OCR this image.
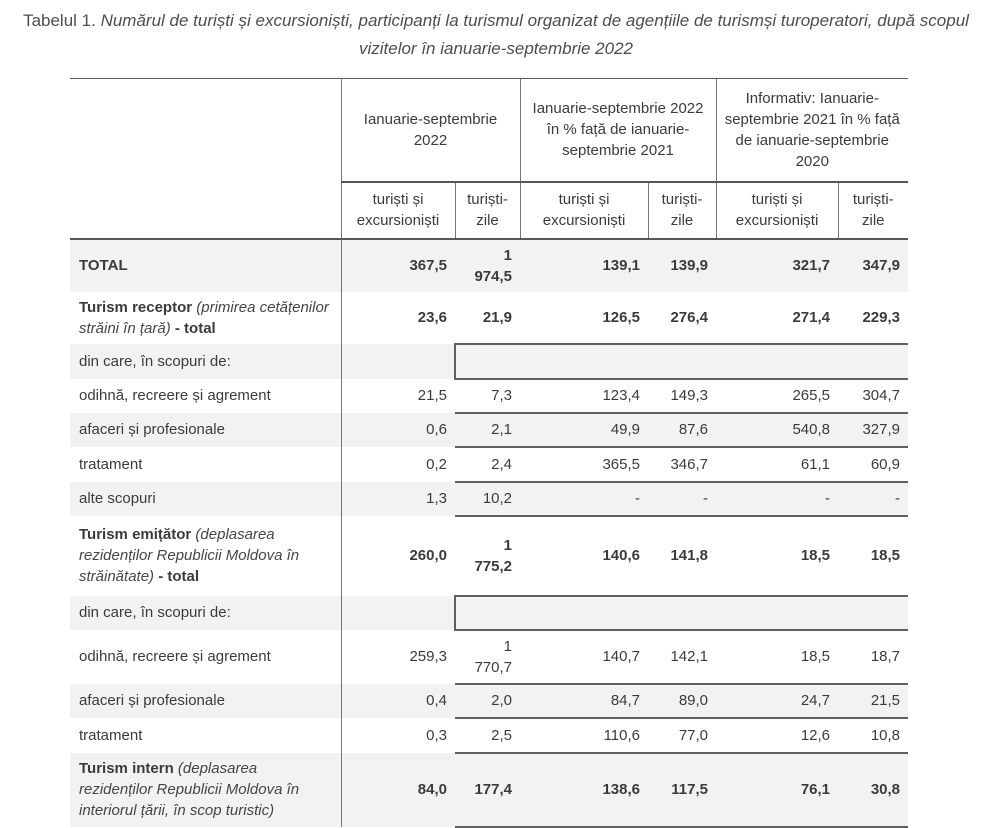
Tabelul 1. Numărul de turiști și excursioniști, participanți la turismul organizat de agențiile de turismși turoperatori, după scopul vizitelor în ianuarie-septembrie 2022

	Ianuarie-septembrie 2022		Ianuarie-septembrie 2022 în % față de ianuarie-septembrie 2021		Informativ: Ianuarie-septembrie 2021 în % față de ianuarie-septembrie 2020	
	turiști și excursioniști	turiști-zile	turiști și excursioniști	turiști-zile	turiști și excursioniști	turiști-zile
TOTAL	367,5	1 974,5	139,1	139,9	321,7	347,9
Turism receptor (primirea cetățenilor străini în țară) - total	23,6	21,9	126,5	276,4	271,4	229,3
din care, în scopuri de:						
odihnă, recreere și agrement	21,5	7,3	123,4	149,3	265,5	304,7
afaceri și profesionale	0,6	2,1	49,9	87,6	540,8	327,9
tratament	0,2	2,4	365,5	346,7	61,1	60,9
alte scopuri	1,3	10,2	-	-	-	-
Turism emițător (deplasarea rezidenților Republicii Moldova în străinătate) - total	260,0	1 775,2	140,6	141,8	18,5	18,5
din care, în scopuri de:						
odihnă, recreere și agrement	259,3	1 770,7	140,7	142,1	18,5	18,7
afaceri și profesionale	0,4	2,0	84,7	89,0	24,7	21,5
tratament	0,3	2,5	110,6	77,0	12,6	10,8
Turism intern (deplasarea rezidenților Republicii Moldova în interiorul țării, în scop turistic)	84,0	177,4	138,6	117,5	76,1	30,8
